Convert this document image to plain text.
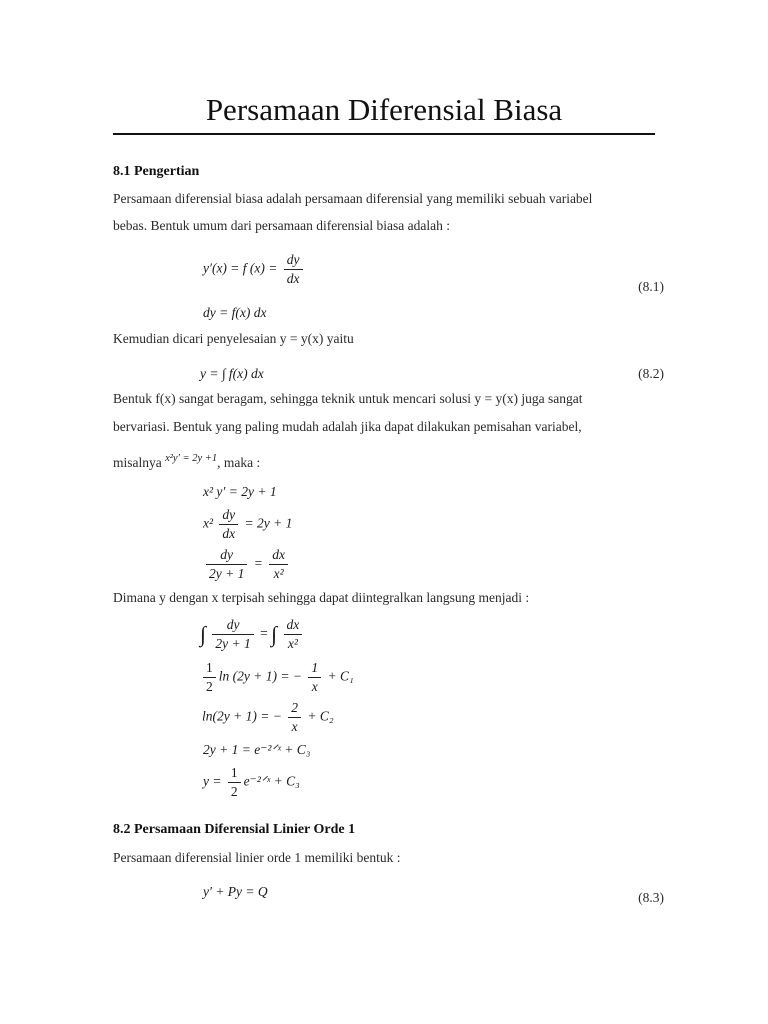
Persamaan Diferensial Biasa
8.1 Pengertian
Persamaan diferensial biasa adalah persamaan diferensial yang memiliki sebuah variabel
bebas. Bentuk umum dari persamaan diferensial biasa adalah :
y′(x) = f $(x) = \frac{dy}{dx}$	(8.1)
dy = f(x) dx
Kemudian dicari penyelesaian y = y(x) yaitu
y = ∫ f(x) dx	(8.2)
Bentuk f(x) sangat beragam, sehingga teknik untuk mencari solusi y = y(x) juga sangat
bervariasi. Bentuk yang paling mudah adalah jika dapat dilakukan pemisahan variabel,
misalnya $^{x^2y' = 2y +1}$, maka :
x² y′ = 2y + 1
$x^2 \frac{dy}{dx} = 2y + 1$
$\frac{dy}{2y + 1} = \frac{dx}{\text{x²}}$
Dimana y dengan x terpisah sehingga dapat diintegralkan langsung menjadi :
∫ $\frac{dy}{2y + 1}$ = ∫ $\frac{dx}{\text{x²}}$
$\frac{1}{2}$ ln (2y + 1) = − $\frac{1}{x} + C_1$
ln(2y + 1) = − $\frac{2}{x} + C_2$
2y + 1 = e⁻²ᐟˣ + C₃
$y = \frac{1}{2}$ e⁻²ᐟˣ + C₃
8.2 Persamaan Diferensial Linier Orde 1
Persamaan diferensial linier orde 1 memiliki bentuk :
y′ + Py = Q	(8.3)
